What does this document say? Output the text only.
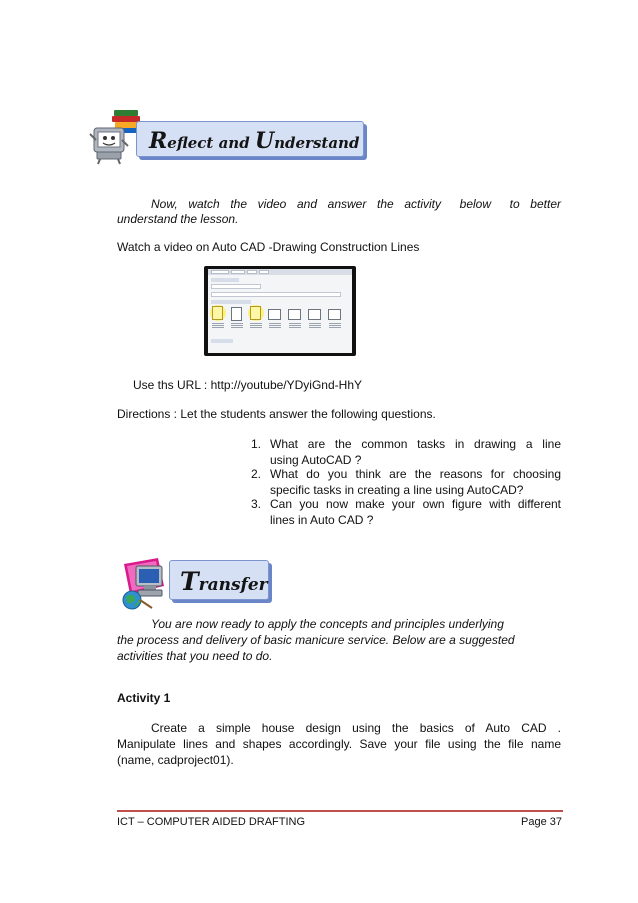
Reflect and Understand
Now, watch the video and answer the activity below to better
understand the lesson.
Watch a video on Auto CAD -Drawing Construction Lines
Use ths URL : http://youtube/YDyiGnd-HhY
Directions : Let the students answer the following questions.
1. What are the common tasks in drawing a line
using AutoCAD ?
2. What do you think are the reasons for choosing
specific tasks in creating a line using AutoCAD?
3. Can you now make your own figure with different
lines in Auto CAD ?
Transfer
You are now ready to apply the concepts and principles underlying
the process and delivery of basic manicure service. Below are a suggested
activities that you need to do.
Activity 1
Create a simple house design using the basics of Auto CAD .
Manipulate lines and shapes accordingly. Save your file using the file name
(name, cadproject01).
ICT – COMPUTER AIDED DRAFTING	Page 37
